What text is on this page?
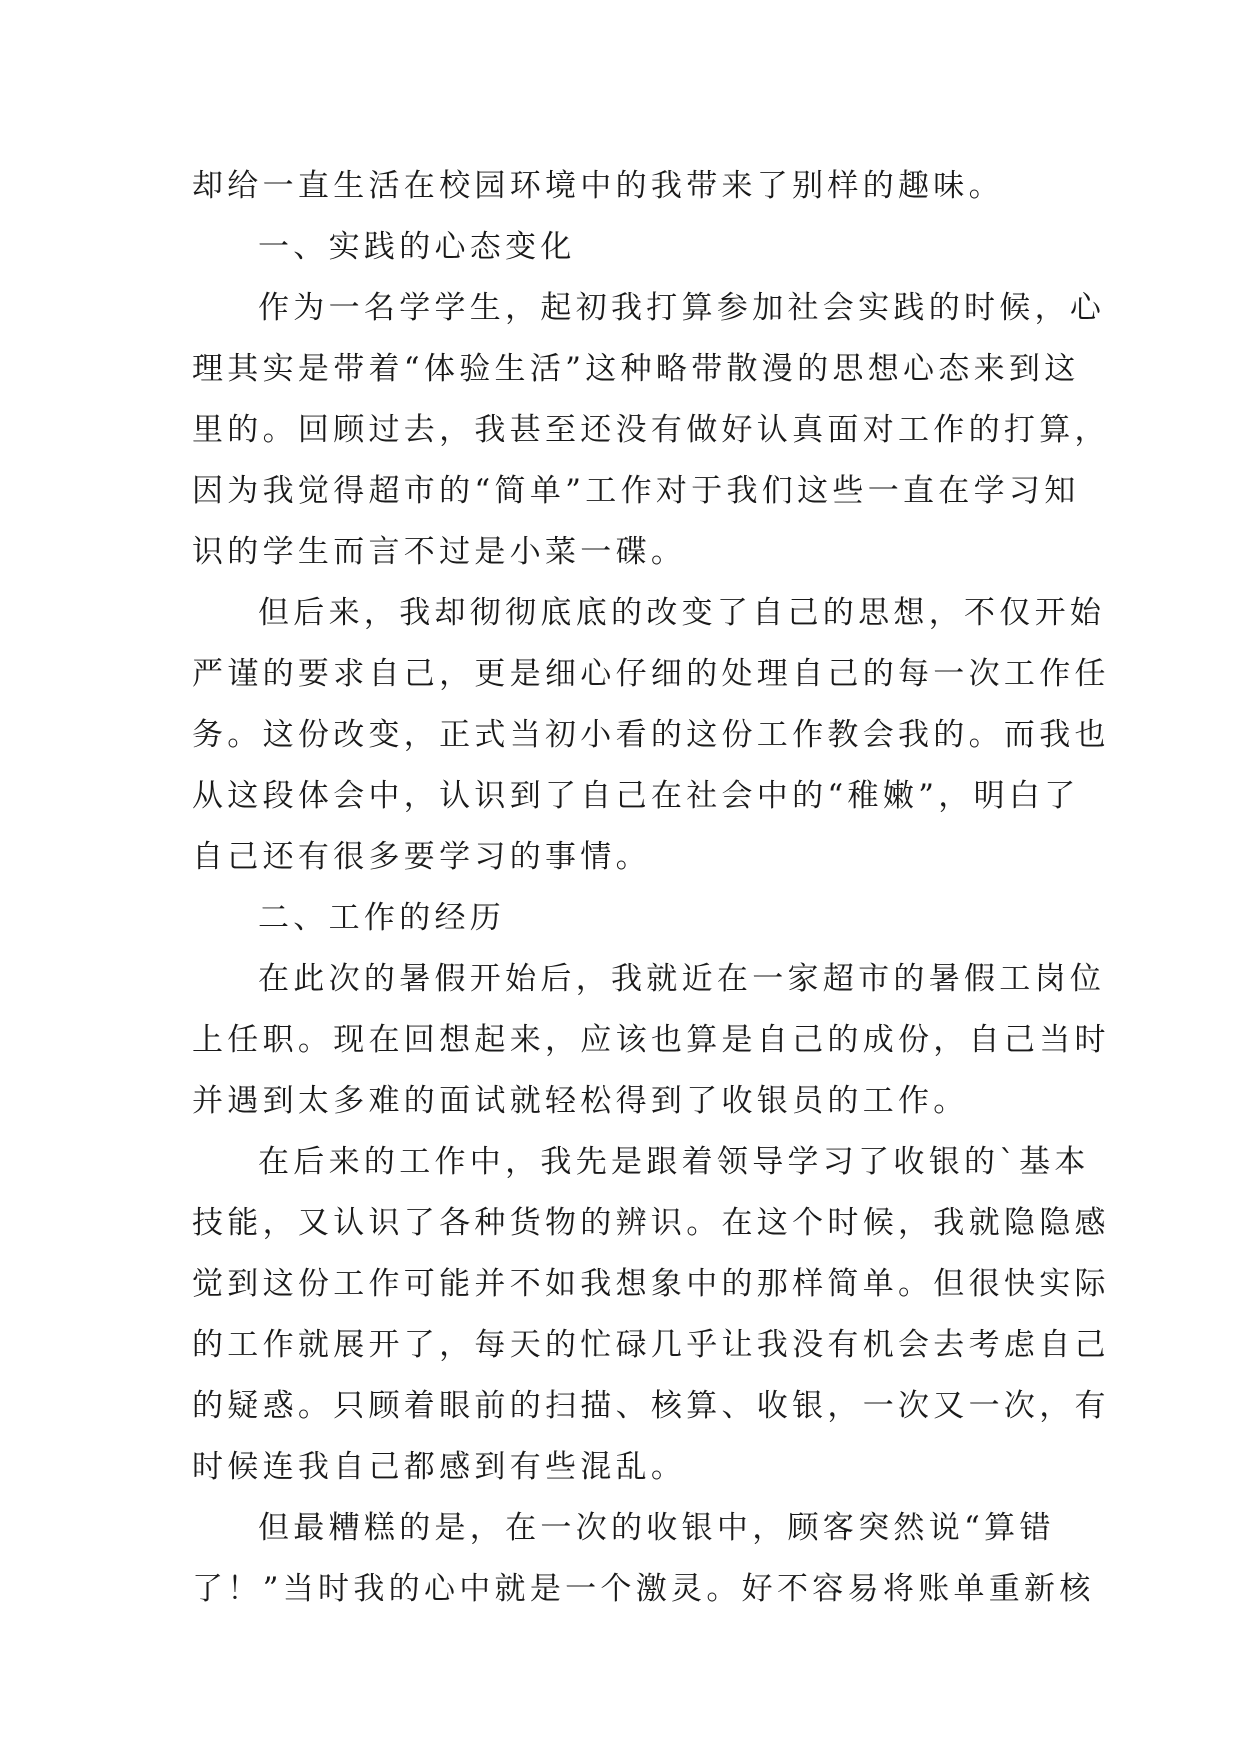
却给一直生活在校园环境中的我带来了别样的趣味。
一、实践的心态变化
作为一名学学生，起初我打算参加社会实践的时候，心
理其实是带着“体验生活”这种略带散漫的思想心态来到这
里的。回顾过去，我甚至还没有做好认真面对工作的打算，
因为我觉得超市的“简单”工作对于我们这些一直在学习知
识的学生而言不过是小菜一碟。
但后来，我却彻彻底底的改变了自己的思想，不仅开始
严谨的要求自己，更是细心仔细的处理自己的每一次工作任
务。这份改变，正式当初小看的这份工作教会我的。而我也
从这段体会中，认识到了自己在社会中的“稚嫩”，明白了
自己还有很多要学习的事情。
二、工作的经历
在此次的暑假开始后，我就近在一家超市的暑假工岗位
上任职。现在回想起来，应该也算是自己的成份，自己当时
并遇到太多难的面试就轻松得到了收银员的工作。
在后来的工作中，我先是跟着领导学习了收银的`基本
技能，又认识了各种货物的辨识。在这个时候，我就隐隐感
觉到这份工作可能并不如我想象中的那样简单。但很快实际
的工作就展开了，每天的忙碌几乎让我没有机会去考虑自己
的疑惑。只顾着眼前的扫描、核算、收银，一次又一次，有
时候连我自己都感到有些混乱。
但最糟糕的是，在一次的收银中，顾客突然说“算错
了！”当时我的心中就是一个激灵。好不容易将账单重新核
